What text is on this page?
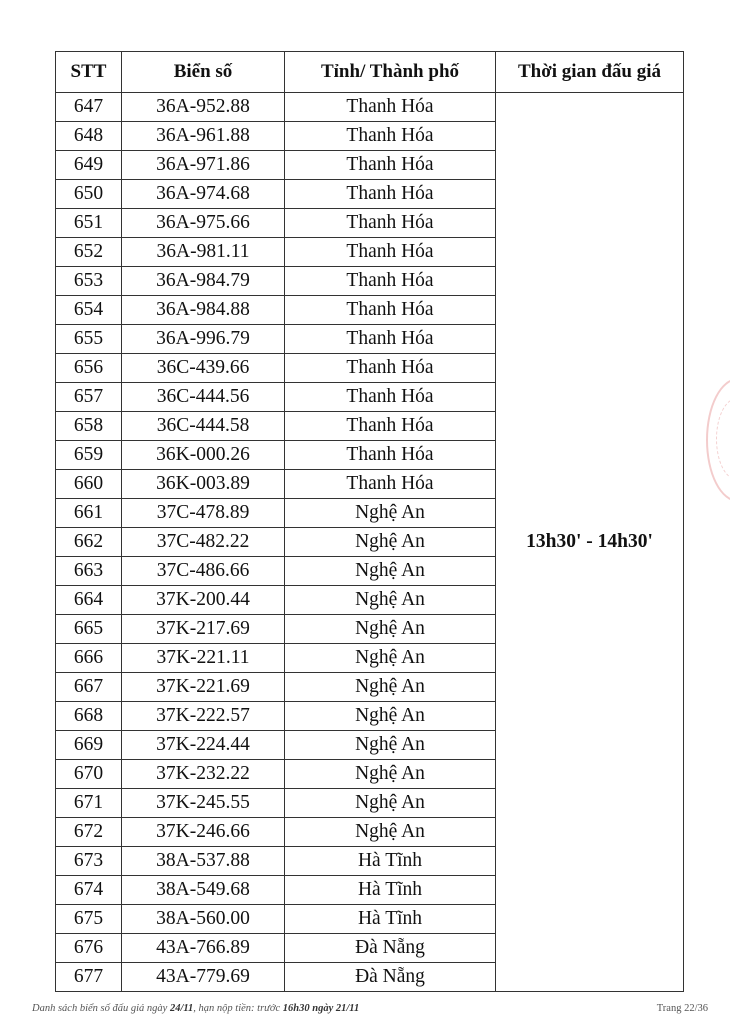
STT	Biển số	Tỉnh/ Thành phố	Thời gian đấu giá
647	36A-952.88	Thanh Hóa	13h30' - 14h30'
648	36A-961.88	Thanh Hóa	
649	36A-971.86	Thanh Hóa	
650	36A-974.68	Thanh Hóa	
651	36A-975.66	Thanh Hóa	
652	36A-981.11	Thanh Hóa	
653	36A-984.79	Thanh Hóa	
654	36A-984.88	Thanh Hóa	
655	36A-996.79	Thanh Hóa	
656	36C-439.66	Thanh Hóa	
657	36C-444.56	Thanh Hóa	
658	36C-444.58	Thanh Hóa	
659	36K-000.26	Thanh Hóa	
660	36K-003.89	Thanh Hóa	
661	37C-478.89	Nghệ An	
662	37C-482.22	Nghệ An	
663	37C-486.66	Nghệ An	
664	37K-200.44	Nghệ An	
665	37K-217.69	Nghệ An	
666	37K-221.11	Nghệ An	
667	37K-221.69	Nghệ An	
668	37K-222.57	Nghệ An	
669	37K-224.44	Nghệ An	
670	37K-232.22	Nghệ An	
671	37K-245.55	Nghệ An	
672	37K-246.66	Nghệ An	
673	38A-537.88	Hà Tĩnh	
674	38A-549.68	Hà Tĩnh	
675	38A-560.00	Hà Tĩnh	
676	43A-766.89	Đà Nẵng	
677	43A-779.69	Đà Nẵng	
Danh sách biển số đấu giá ngày 24/11, hạn nộp tiền: trước 16h30 ngày 21/11	Trang 22/36
